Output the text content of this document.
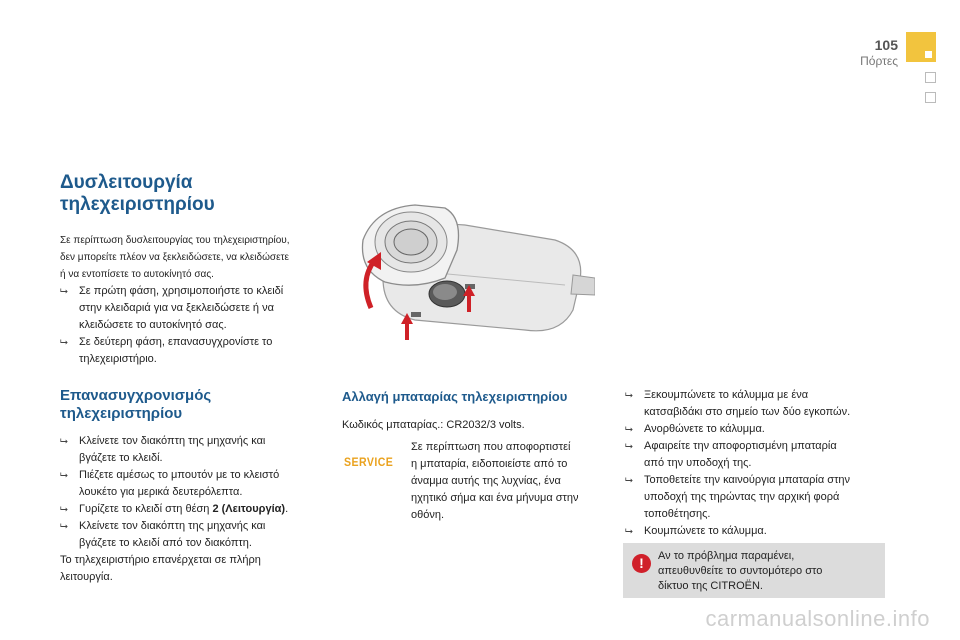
105
Πόρτες
Δυσλειτουργία
τηλεχειριστηρίου
Σε περίπτωση δυσλειτουργίας του τηλεχειριστηρίου,
δεν μπορείτε πλέον να ξεκλειδώσετε, να κλειδώσετε
ή να εντοπίσετε το αυτοκίνητό σας.
⮡ Σε πρώτη φάση, χρησιμοποιήστε το κλειδί
στην κλειδαριά για να ξεκλειδώσετε ή να
κλειδώσετε το αυτοκίνητό σας.
⮡ Σε δεύτερη φάση, επανασυγχρονίστε το
τηλεχειριστήριο.
Επανασυγχρονισμός
τηλεχειριστηρίου
⮡ Κλείνετε τον διακόπτη της μηχανής και
βγάζετε το κλειδί.
⮡ Πιέζετε αμέσως το μπουτόν με το κλειστό
λουκέτο για μερικά δευτερόλεπτα.
⮡ Γυρίζετε το κλειδί στη θέση 2 (Λειτουργία).
⮡ Κλείνετε τον διακόπτη της μηχανής και
βγάζετε το κλειδί από τον διακόπτη.
Το τηλεχειριστήριο επανέρχεται σε πλήρη
λειτουργία.
Αλλαγή μπαταρίας τηλεχειριστηρίου
Κωδικός μπαταρίας.: CR2032/3 volts.
SERVICE
Σε περίπτωση που αποφορτιστεί
η μπαταρία, ειδοποιείστε από το
άναμμα αυτής της λυχνίας, ένα
ηχητικό σήμα και ένα μήνυμα στην
οθόνη.
⮡ Ξεκουμπώνετε το κάλυμμα με ένα
κατσαβιδάκι στο σημείο των δύο εγκοπών.
⮡ Ανορθώνετε το κάλυμμα.
⮡ Αφαιρείτε την αποφορτισμένη μπαταρία
από την υποδοχή της.
⮡ Τοποθετείτε την καινούργια μπαταρία στην
υποδοχή της τηρώντας την αρχική φορά
τοποθέτησης.
⮡ Κουμπώνετε το κάλυμμα.
!	Αν το πρόβλημα παραμένει,
απευθυνθείτε το συντομότερο στο
δίκτυο της CITROËN.
carmanualsonline.info
